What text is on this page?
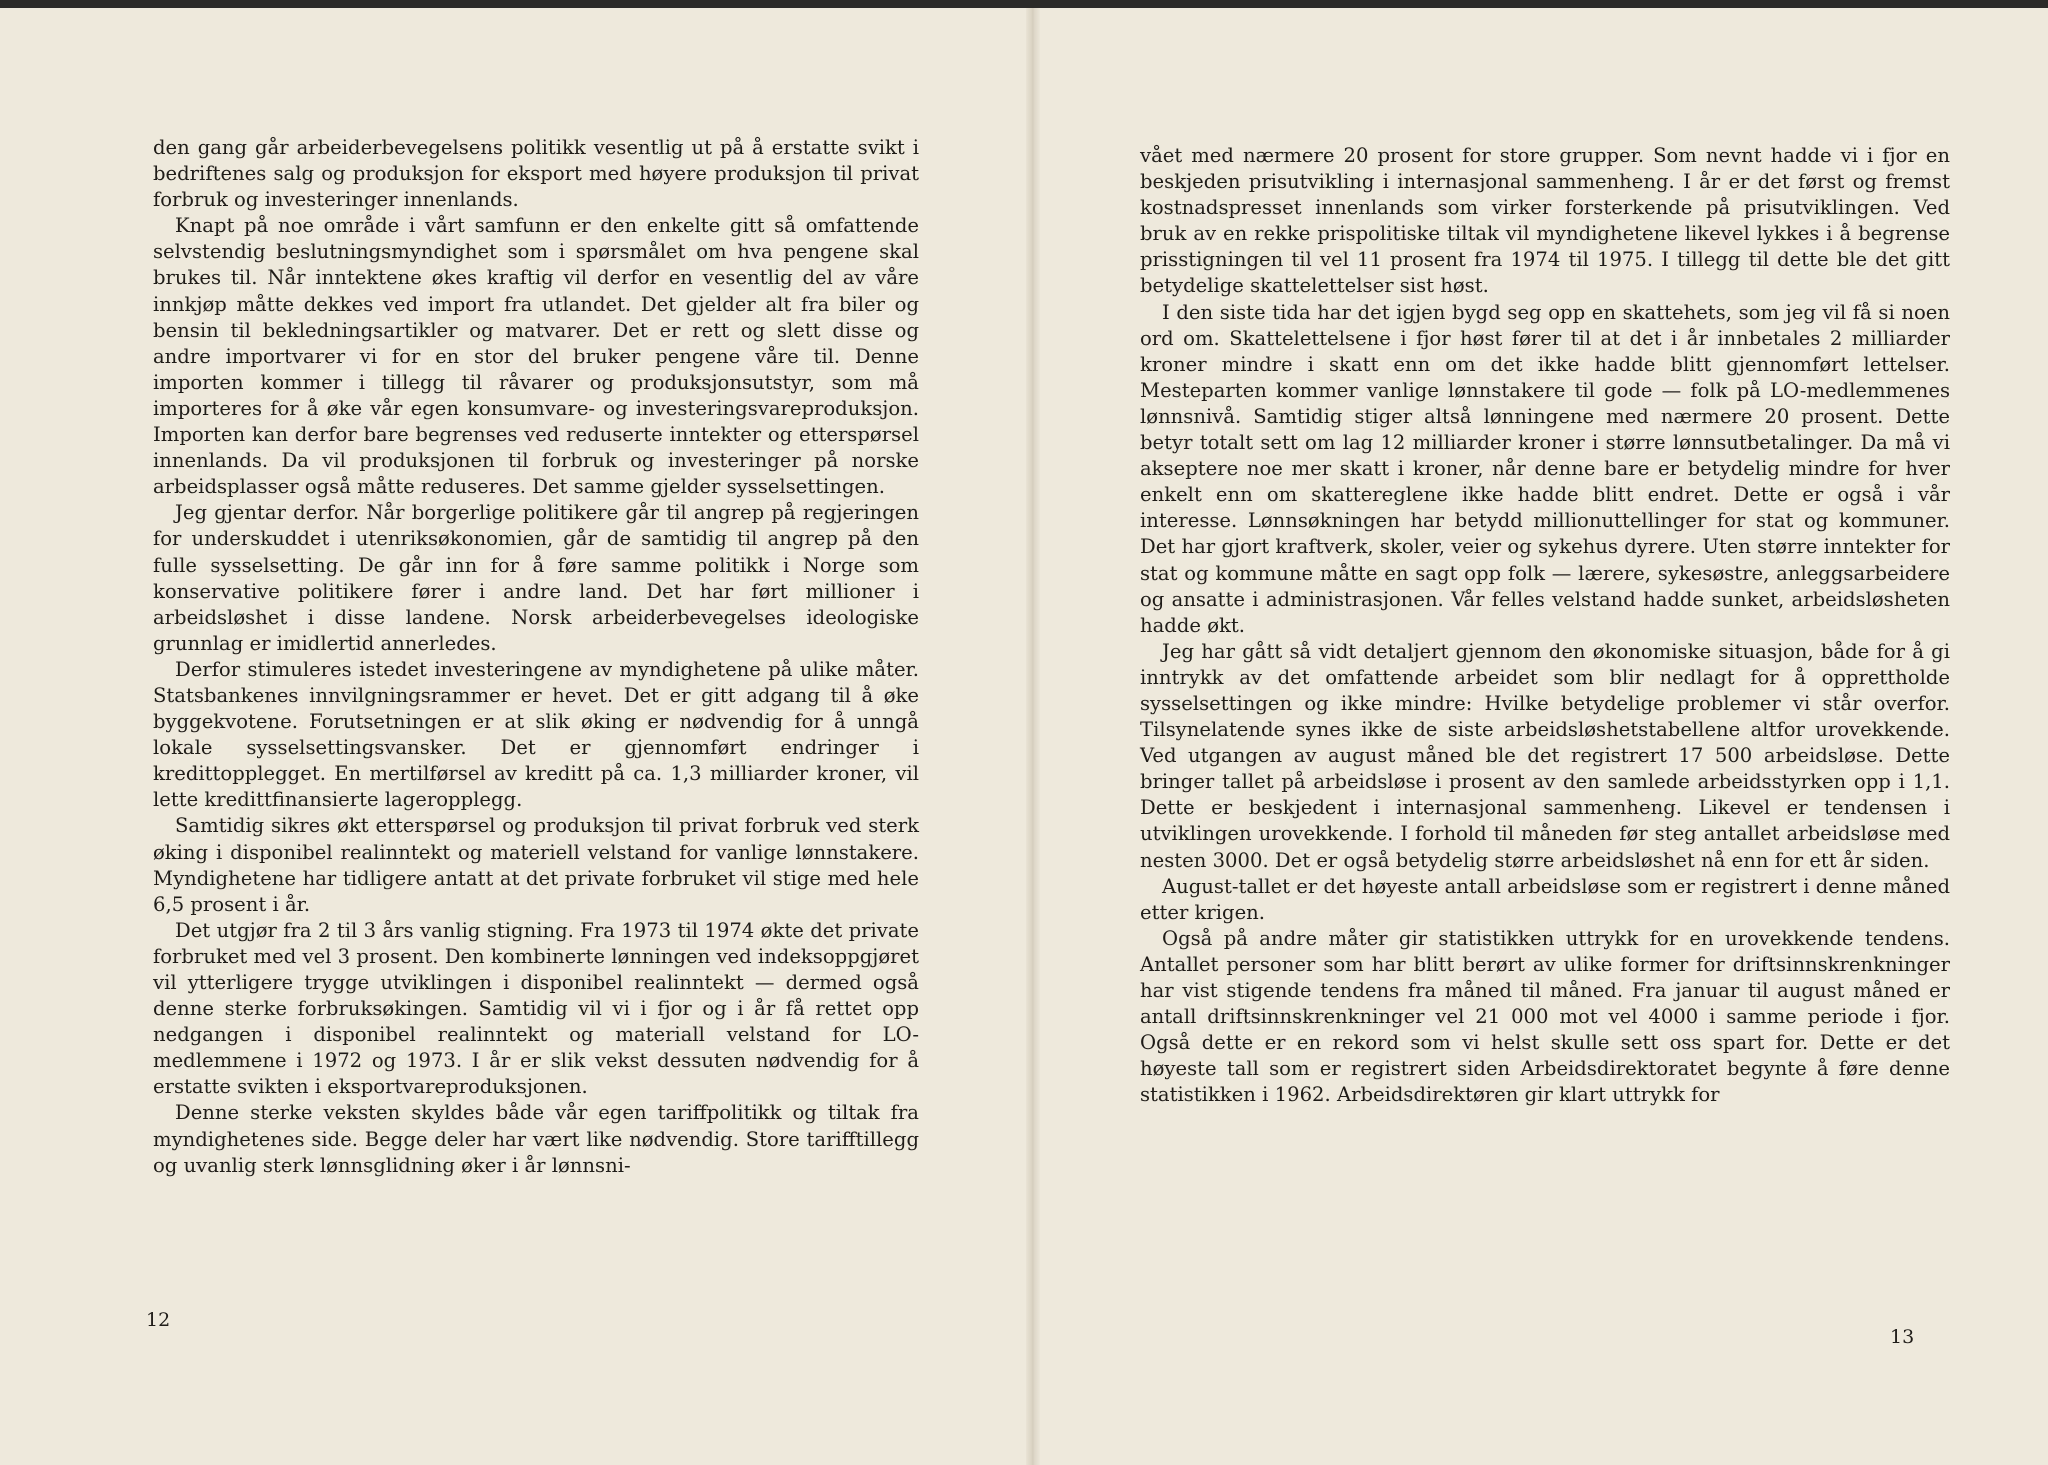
den gang går arbeiderbevegelsens politikk vesentlig ut på å erstatte svikt i bedriftenes salg og produksjon for eksport med høyere produksjon til privat forbruk og investeringer innenlands.

Knapt på noe område i vårt samfunn er den enkelte gitt så omfattende selvstendig beslutningsmyndighet som i spørsmålet om hva pengene skal brukes til. Når inntektene økes kraftig vil derfor en vesentlig del av våre innkjøp måtte dekkes ved import fra utlandet. Det gjelder alt fra biler og bensin til bekledningsartikler og matvarer. Det er rett og slett disse og andre importvarer vi for en stor del bruker pengene våre til. Denne importen kommer i tillegg til råvarer og produksjonsutstyr, som må importeres for å øke vår egen konsumvare- og investeringsvareproduksjon. Importen kan derfor bare begrenses ved reduserte inntekter og etterspørsel innenlands. Da vil produksjonen til forbruk og investeringer på norske arbeidsplasser også måtte reduseres. Det samme gjelder sysselsettingen.

Jeg gjentar derfor. Når borgerlige politikere går til angrep på regjeringen for underskuddet i utenriksøkonomien, går de samtidig til angrep på den fulle sysselsetting. De går inn for å føre samme politikk i Norge som konservative politikere fører i andre land. Det har ført millioner i arbeidsløshet i disse landene. Norsk arbeiderbevegelses ideologiske grunnlag er imidlertid annerledes.

Derfor stimuleres istedet investeringene av myndighetene på ulike måter. Statsbankenes innvilgningsrammer er hevet. Det er gitt adgang til å øke byggekvotene. Forutsetningen er at slik øking er nødvendig for å unngå lokale sysselsettingsvansker. Det er gjennomført endringer i kredittopplegget. En mertilførsel av kreditt på ca. 1,3 milliarder kroner, vil lette kredittfinansierte lageropplegg.

Samtidig sikres økt etterspørsel og produksjon til privat forbruk ved sterk øking i disponibel realinntekt og materiell velstand for vanlige lønnstakere. Myndighetene har tidligere antatt at det private forbruket vil stige med hele 6,5 prosent i år.

Det utgjør fra 2 til 3 års vanlig stigning. Fra 1973 til 1974 økte det private forbruket med vel 3 prosent. Den kombinerte lønningen ved indeksoppgjøret vil ytterligere trygge utviklingen i disponibel realinntekt — dermed også denne sterke forbruksøkingen. Samtidig vil vi i fjor og i år få rettet opp nedgangen i disponibel realinntekt og materiall velstand for LO-medlemmene i 1972 og 1973. I år er slik vekst dessuten nødvendig for å erstatte svikten i eksportvareproduksjonen.

Denne sterke veksten skyldes både vår egen tariffpolitikk og tiltak fra myndighetenes side. Begge deler har vært like nødvendig. Store tarifftillegg og uvanlig sterk lønnsglidning øker i år lønnsni-

12

vået med nærmere 20 prosent for store grupper. Som nevnt hadde vi i fjor en beskjeden prisutvikling i internasjonal sammenheng. I år er det først og fremst kostnadspresset innenlands som virker forsterkende på prisutviklingen. Ved bruk av en rekke prispolitiske tiltak vil myndighetene likevel lykkes i å begrense prisstigningen til vel 11 prosent fra 1974 til 1975. I tillegg til dette ble det gitt betydelige skattelettelser sist høst.

I den siste tida har det igjen bygd seg opp en skattehets, som jeg vil få si noen ord om. Skattelettelsene i fjor høst fører til at det i år innbetales 2 milliarder kroner mindre i skatt enn om det ikke hadde blitt gjennomført lettelser. Mesteparten kommer vanlige lønnstakere til gode — folk på LO-medlemmenes lønnsnivå. Samtidig stiger altså lønningene med nærmere 20 prosent. Dette betyr totalt sett om lag 12 milliarder kroner i større lønnsutbetalinger. Da må vi akseptere noe mer skatt i kroner, når denne bare er betydelig mindre for hver enkelt enn om skattereglene ikke hadde blitt endret. Dette er også i vår interesse. Lønnsøkningen har betydd millionuttellinger for stat og kommuner. Det har gjort kraftverk, skoler, veier og sykehus dyrere. Uten større inntekter for stat og kommune måtte en sagt opp folk — lærere, sykesøstre, anleggsarbeidere og ansatte i administrasjonen. Vår felles velstand hadde sunket, arbeidsløsheten hadde økt.

Jeg har gått så vidt detaljert gjennom den økonomiske situasjon, både for å gi inntrykk av det omfattende arbeidet som blir nedlagt for å opprettholde sysselsettingen og ikke mindre: Hvilke betydelige problemer vi står overfor. Tilsynelatende synes ikke de siste arbeidsløshetstabellene altfor urovekkende. Ved utgangen av august måned ble det registrert 17 500 arbeidsløse. Dette bringer tallet på arbeidsløse i prosent av den samlede arbeidsstyrken opp i 1,1. Dette er beskjedent i internasjonal sammenheng. Likevel er tendensen i utviklingen urovekkende. I forhold til måneden før steg antallet arbeidsløse med nesten 3000. Det er også betydelig større arbeidsløshet nå enn for ett år siden.

August-tallet er det høyeste antall arbeidsløse som er registrert i denne måned etter krigen.

Også på andre måter gir statistikken uttrykk for en urovekkende tendens. Antallet personer som har blitt berørt av ulike former for driftsinnskrenkninger har vist stigende tendens fra måned til måned. Fra januar til august måned er antall driftsinnskrenkninger vel 21 000 mot vel 4000 i samme periode i fjor. Også dette er en rekord som vi helst skulle sett oss spart for. Dette er det høyeste tall som er registrert siden Arbeidsdirektoratet begynte å føre denne statistikken i 1962. Arbeidsdirektøren gir klart uttrykk for

13
